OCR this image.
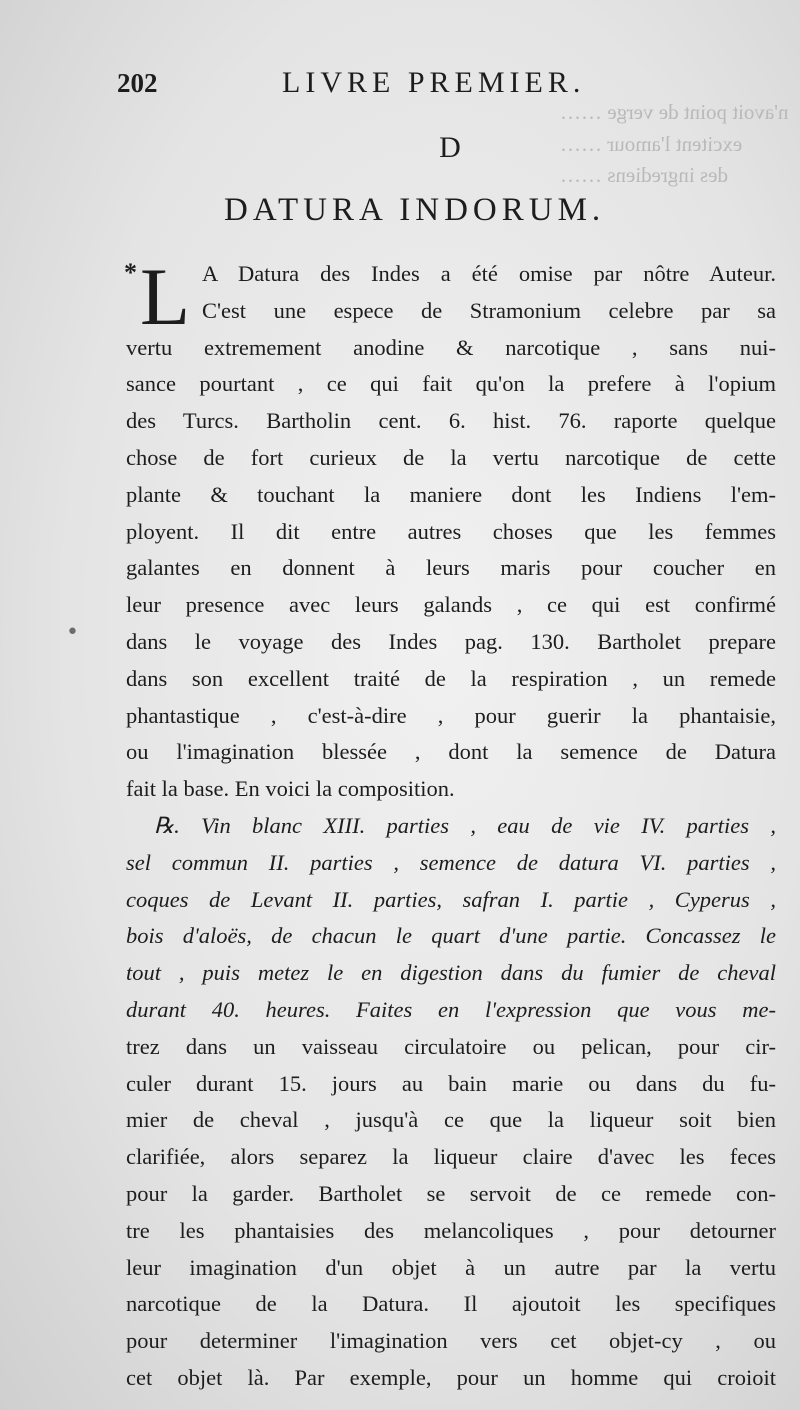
n'avoit point de verge ……
excitent l'amour ……
des ingrediens ……
202	LIVRE PREMIER.
D
DATURA INDORUM.
* L A Datura des Indes a été omise par nôtre Auteur.
C'est une espece de Stramonium celebre par sa
vertu extremement anodine & narcotique , sans nui-
sance pourtant , ce qui fait qu'on la prefere à l'opium
des Turcs. Bartholin cent. 6. hist. 76. raporte quelque
chose de fort curieux de la vertu narcotique de cette
plante & touchant la maniere dont les Indiens l'em-
ployent. Il dit entre autres choses que les femmes
galantes en donnent à leurs maris pour coucher en
leur presence avec leurs galands , ce qui est confirmé
dans le voyage des Indes pag. 130. Bartholet prepare
dans son excellent traité de la respiration , un remede
phantastique , c'est-à-dire , pour guerir la phantaisie,
ou l'imagination blessée , dont la semence de Datura
fait la base. En voici la composition.
℞. Vin blanc XIII. parties , eau de vie IV. parties ,
sel commun II. parties , semence de datura VI. parties ,
coques de Levant II. parties, safran I. partie , Cyperus ,
bois d'aloës, de chacun le quart d'une partie. Concassez le
tout , puis metez le en digestion dans du fumier de cheval
durant 40. heures. Faites en l'expression que vous me-
trez dans un vaisseau circulatoire ou pelican, pour cir-
culer durant 15. jours au bain marie ou dans du fu-
mier de cheval , jusqu'à ce que la liqueur soit bien
clarifiée, alors separez la liqueur claire d'avec les feces
pour la garder. Bartholet se servoit de ce remede con-
tre les phantaisies des melancoliques , pour detourner
leur imagination d'un objet à un autre par la vertu
narcotique de la Datura. Il ajoutoit les specifiques
pour determiner l'imagination vers cet objet-cy , ou
cet objet là. Par exemple, pour un homme qui croioit
•
